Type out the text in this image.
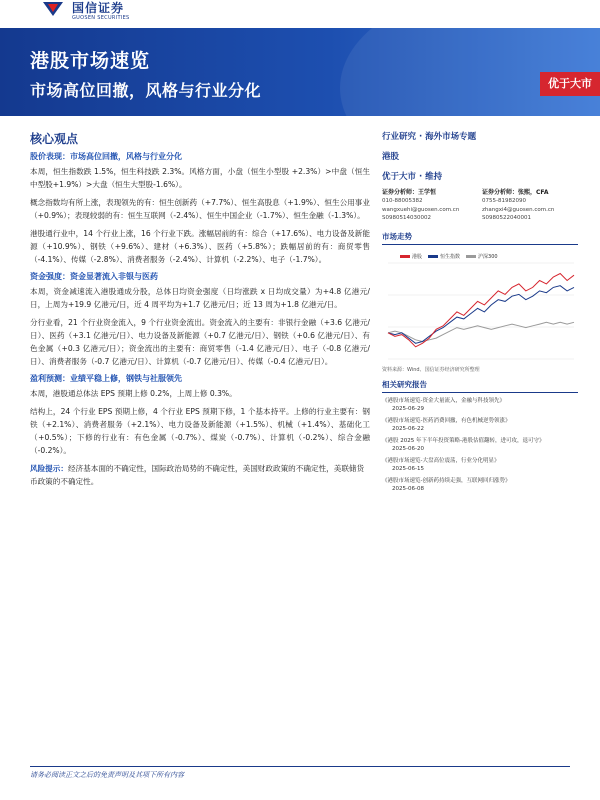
国信证券
GUOSEN SECURITIES
港股市场速览
市场高位回撤，风格与行业分化	优于大市
核心观点
股价表现：市场高位回撤，风格与行业分化

本周，恒生指数跌 1.5%，恒生科技跌 2.3%。风格方面，小盘（恒生小型股 +2.3%）>中盘（恒生中型股+1.9%）>大盘（恒生大型股-1.6%）。

概念指数均有所上涨，表现领先的有：恒生创新药（+7.7%）、恒生高股息（+1.9%）、恒生公用事业（+0.9%）；表现较弱的有：恒生互联网（-2.4%）、恒生中国企业（-1.7%）、恒生金融（-1.3%）。

港股通行业中，14 个行业上涨，16 个行业下跌。涨幅居前的有：综合（+17.6%）、电力设备及新能源（+10.9%）、钢铁（+9.6%）、建材（+6.3%）、医药（+5.8%）；跌幅居前的有：商贸零售（-4.1%）、传媒（-2.8%）、消费者服务（-2.4%）、计算机（-2.2%）、电子（-1.7%）。

资金强度：资金显著流入非银与医药

本周，资金减速流入港股通成分股，总体日均资金强度（日均涨跌 x 日均成交量）为+4.8 亿港元/日，上周为+19.9 亿港元/日，近 4 周平均为+1.7 亿港元/日；近 13 周为+1.8 亿港元/日。

分行业看，21 个行业资金流入，9 个行业资金流出。资金流入的主要有：非银行金融（+3.6 亿港元/日）、医药（+3.1 亿港元/日）、电力设备及新能源（+0.7 亿港元/日）、钢铁（+0.6 亿港元/日）、有色金属（+0.3 亿港元/日）；资金流出的主要有：商贸零售（-1.4 亿港元/日）、电子（-0.8 亿港元/日）、消费者服务（-0.7 亿港元/日）、计算机（-0.7 亿港元/日）、传媒（-0.4 亿港元/日）。

盈利预测：业绩平稳上修，钢铁与社服领先

本周，港股通总体法 EPS 预期上修 0.2%，上周上修 0.3%。

结构上，24 个行业 EPS 预期上修，4 个行业 EPS 预期下修，1 个基本持平。上修的行业主要有：钢铁（+2.1%）、消费者服务（+2.1%）、电力设备及新能源（+1.5%）、机械（+1.4%）、基础化工（+0.5%）；下修的行业有：有色金属（-0.7%）、煤炭（-0.7%）、计算机（-0.2%）、综合金融（-0.2%）。

风险提示：经济基本面的不确定性，国际政治局势的不确定性，美国财政政策的不确定性，美联储货币政策的不确定性。

行业研究 · 海外市场专题
港股
优于大市 · 维持
证券分析师：王学恒
010-88005382
wangxuehi@guosen.com.cn
S0980514030002
证券分析师：张熙，CFA
0755-81982090
zhangxi4@guosen.com.cn
S0980522040001
市场走势
港股	恒生指数	沪深300
资料来源：Wind、国信证券经济研究所整理
相关研究报告
《港股市场速览-资金大量流入，金融与科技领先》
2025-06-29
《港股市场速览-医药消费回撤，有色机械逆势领涨》
2025-06-22
《港股 2025 年下半年投资策略-港股估值翻转，进可攻，退可守》
2025-06-20
《港股市场速览-大盘高位震荡，行业分化明显》
2025-06-15
《港股市场速览-创新药持续走强，互联网回归涨势》
2025-06-08
请务必阅读正文之后的免责声明及其项下所有内容
